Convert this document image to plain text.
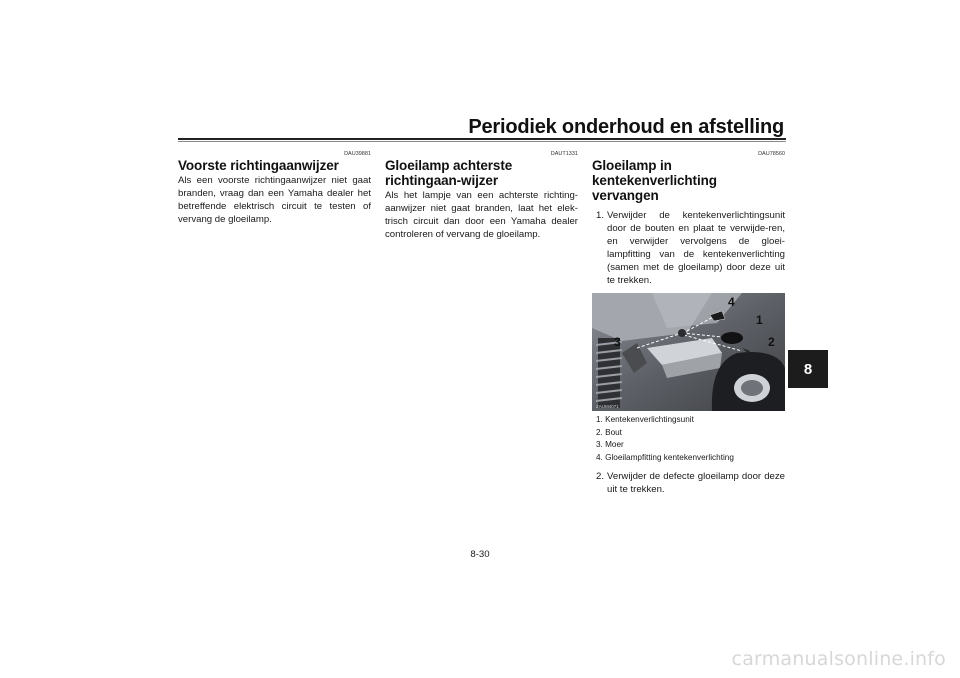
Periodiek onderhoud en afstelling
8
DAU39881
Voorste richtingaanwijzer

Als een voorste richtingaanwijzer niet gaat branden, vraag dan een Yamaha dealer het betreffende elektrisch circuit te testen of vervang de gloeilamp.

DAUT1331
Gloeilamp achterste richtingaan-wijzer

Als het lampje van een achterste richting-aanwijzer niet gaat branden, laat het elek-trisch circuit dan door een Yamaha dealer controleren of vervang de gloeilamp.

DAU78560
Gloeilamp in kentekenverlichting vervangen
1. Verwijder de kentekenverlichtingsunit door de bouten en plaat te verwijde-ren, en verwijder vervolgens de gloei-lampfitting van de kentekenverlichting (samen met de gloeilamp) door deze uit te trekken.
4
1
2
3
ZAUM4071
1. Kentekenverlichtingsunit
2. Bout
3. Moer
4. Gloeilampfitting kentekenverlichting
2. Verwijder de defecte gloeilamp door deze uit te trekken.
8-30
carmanualsonline.info
